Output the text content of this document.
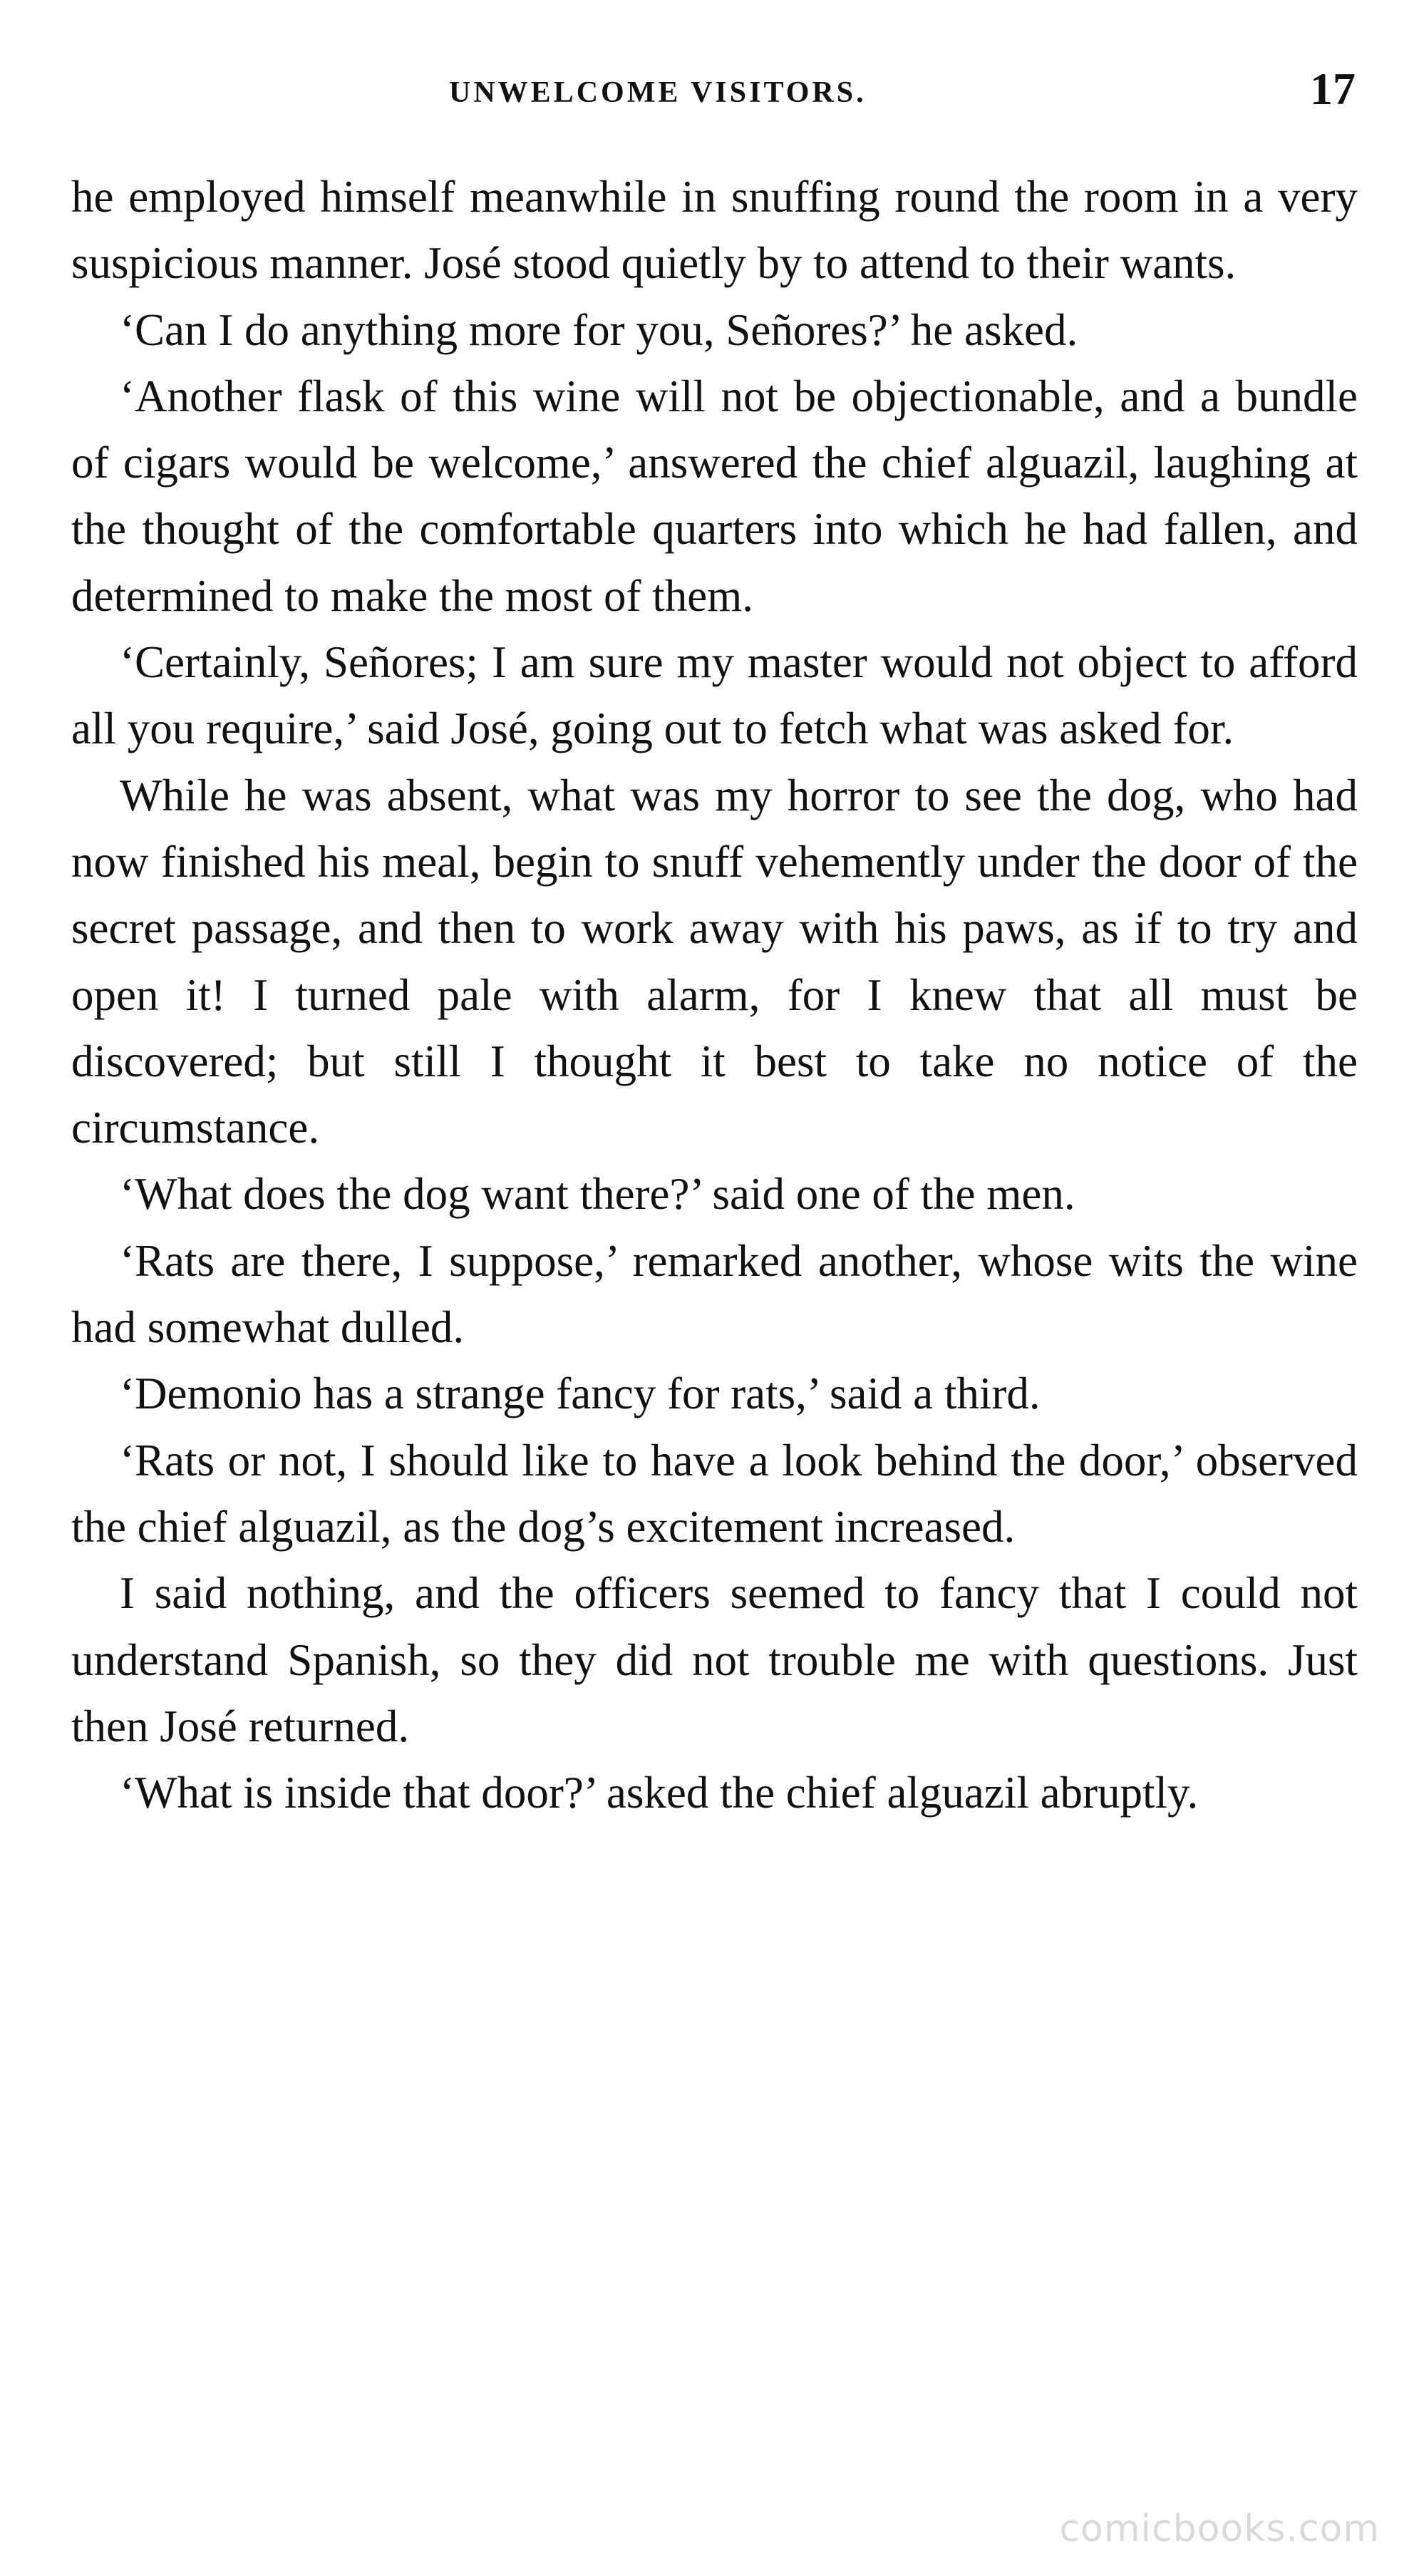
UNWELCOME VISITORS.	17

he employed himself meanwhile in snuffing round the room in a very suspicious manner. José stood quietly by to attend to their wants.

‘Can I do anything more for you, Señores?’ he asked.

‘Another flask of this wine will not be objectionable, and a bundle of cigars would be welcome,’ answered the chief alguazil, laughing at the thought of the comfortable quarters into which he had fallen, and determined to make the most of them.

‘Certainly, Señores; I am sure my master would not object to afford all you require,’ said José, going out to fetch what was asked for.

While he was absent, what was my horror to see the dog, who had now finished his meal, begin to snuff vehemently under the door of the secret passage, and then to work away with his paws, as if to try and open it! I turned pale with alarm, for I knew that all must be discovered; but still I thought it best to take no notice of the circumstance.

‘What does the dog want there?’ said one of the men.

‘Rats are there, I suppose,’ remarked another, whose wits the wine had somewhat dulled.

‘Demonio has a strange fancy for rats,’ said a third.

‘Rats or not, I should like to have a look behind the door,’ observed the chief alguazil, as the dog’s excitement increased.

I said nothing, and the officers seemed to fancy that I could not understand Spanish, so they did not trouble me with questions. Just then José returned.

‘What is inside that door?’ asked the chief alguazil abruptly.

comicbooks.com
